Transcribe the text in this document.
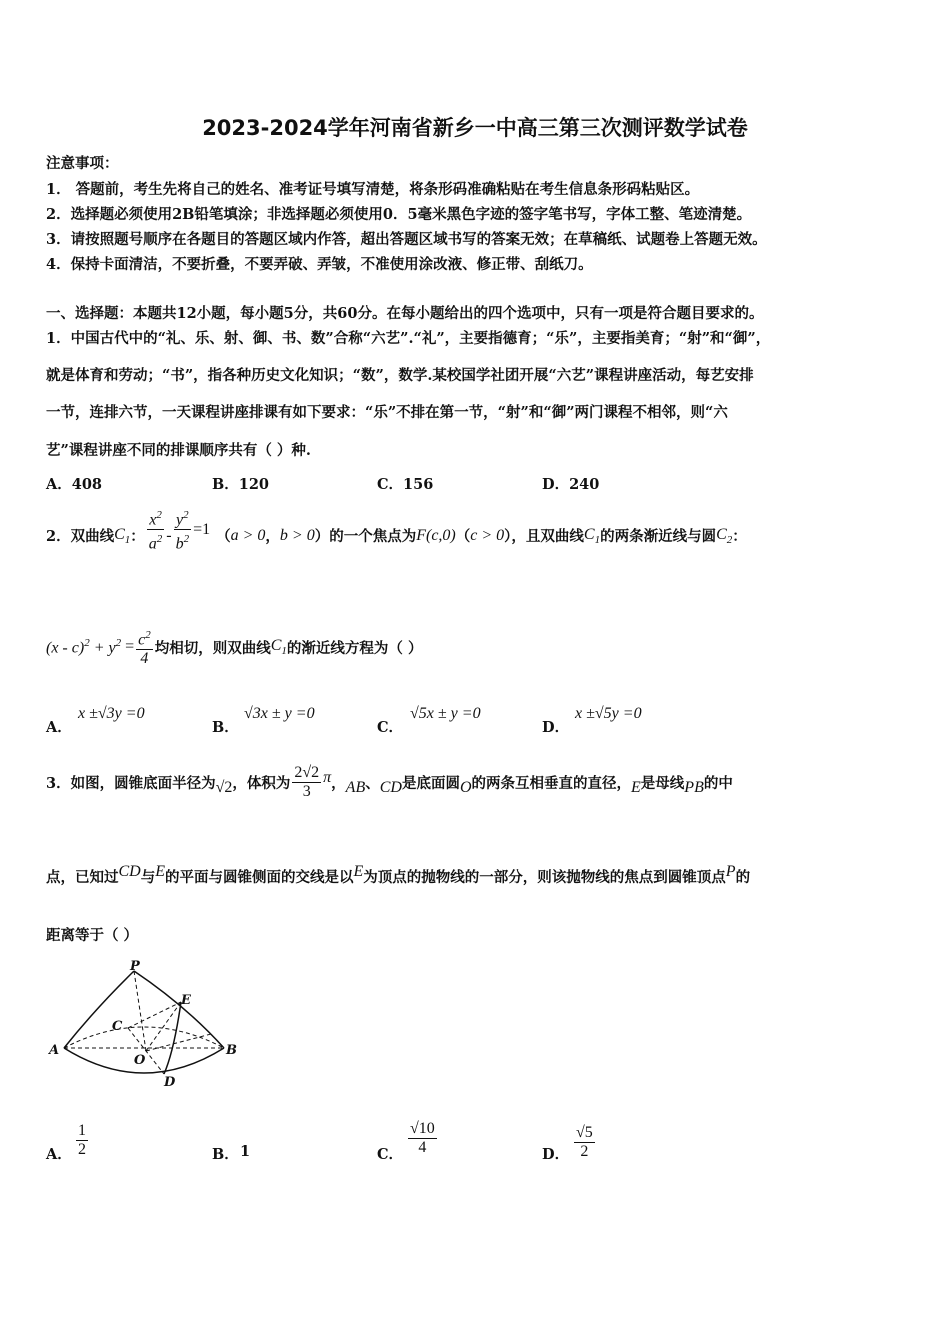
2023-2024学年河南省新乡一中高三第三次测评数学试卷
注意事项：
1． 答题前，考生先将自己的姓名、准考证号填写清楚，将条形码准确粘贴在考生信息条形码粘贴区。
2．选择题必须使用2B铅笔填涂；非选择题必须使用0．5毫米黑色字迹的签字笔书写，字体工整、笔迹清楚。
3．请按照题号顺序在各题目的答题区域内作答，超出答题区域书写的答案无效；在草稿纸、试题卷上答题无效。
4．保持卡面清洁，不要折叠，不要弄破、弄皱，不准使用涂改液、修正带、刮纸刀。
一、选择题：本题共12小题，每小题5分，共60分。在每小题给出的四个选项中，只有一项是符合题目要求的。
1．中国古代中的“礼、乐、射、御、书、数”合称“六艺”.“礼”，主要指德育；“乐”，主要指美育；“射”和“御”，
就是体育和劳动；“书”，指各种历史文化知识；“数”，数学.某校国学社团开展“六艺”课程讲座活动，每艺安排
一节，连排六节，一天课程讲座排课有如下要求：“乐”不排在第一节，“射”和“御”两门课程不相邻，则“六
艺”课程讲座不同的排课顺序共有（ ）种.
A．408	B．120	C．156	D．240
2．双曲线 $C_1$ ： $\frac{x^2}{a^2} - \frac{y^2}{b^2} =1$ （ a > 0 ， b > 0 ）的一个焦点为 F(c,0) （ c > 0 ），且双曲线 $C_1$ 的两条渐近线与圆 $C_2$ ：
$(x - c)^2 + y^2 = \frac{c^2}{4}$ 均相切，则双曲线 $C_1$ 的渐近线方程为（ ）
A．
x ±√3y =0
B．
√3x ± y =0
C．
√5x ± y =0
D．
x ±√5y =0
3．如图，圆锥底面半径为 √2 ，体积为 $\frac{2√2}{3}$ π ， AB 、 CD 是底面圆 O 的两条互相垂直的直径， E 是母线 PB 的中
点，已知过 CD 与 E 的平面与圆锥侧面的交线是以 E 为顶点的抛物线的一部分，则该抛物线的焦点到圆锥顶点 P 的
距离等于（ ）
P
E
C
A
O
B
D
A． $\frac{1}{2}$	B． 1	C． $\frac{√10}{4}$	D． $\frac{√5}{2}$
